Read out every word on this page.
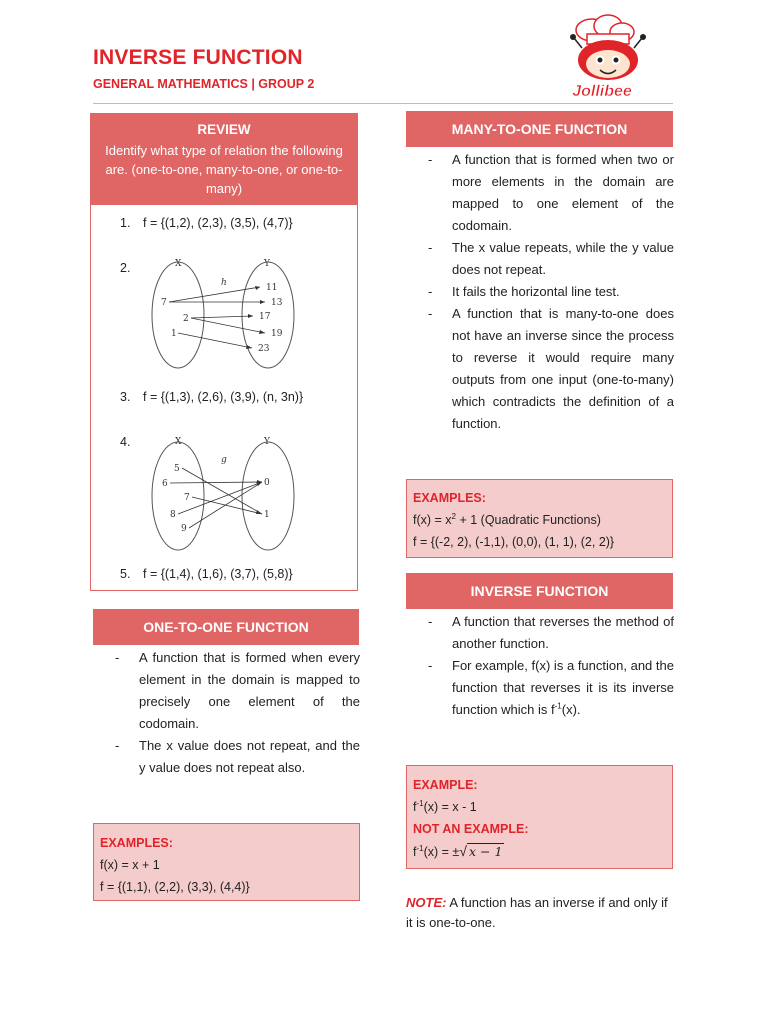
INVERSE FUNCTION
GENERAL MATHEMATICS | GROUP 2	Jollibee
REVIEW
Identify what type of relation the following are. (one-to-one, many-to-one, or one-to-many)
1. f = {(1,2), (2,3), (3,5), (4,7)}
2.	X	Y
h
7
2
1
11
13
17
19
23
3. f = {(1,3), (2,6), (3,9), (n, 3n)}
4.	X	Y
g
5
6
7
8
9
0
1
5. f = {(1,4), (1,6), (3,7), (5,8)}
ONE-TO-ONE FUNCTION
- A function that is formed when every element in the domain is mapped to precisely one element of the codomain.
- The x value does not repeat, and the y value does not repeat also.
EXAMPLES:
f(x) = x + 1
f = {(1,1), (2,2), (3,3), (4,4)}
MANY-TO-ONE FUNCTION
- A function that is formed when two or more elements in the domain are mapped to one element of the codomain.
- The x value repeats, while the y value does not repeat.
- It fails the horizontal line test.
- A function that is many-to-one does not have an inverse since the process to reverse it would require many outputs from one input (one-to-many) which contradicts the definition of a function.
EXAMPLES:
$f(x) = x^2 + 1$ (Quadratic Functions)
f = {(-2, 2), (-1,1), (0,0), (1, 1), (2, 2)}
INVERSE FUNCTION
- A function that reverses the method of another function.
- For example, f(x) is a function, and the function that reverses it is its inverse function which is $f^{-1}(x)$.
EXAMPLE:
$f^{-1}(x) = x - 1$
NOT AN EXAMPLE:
$f^{-1}(x)$ = ±√ x − 1
NOTE: A function has an inverse if and only if it is one-to-one.
